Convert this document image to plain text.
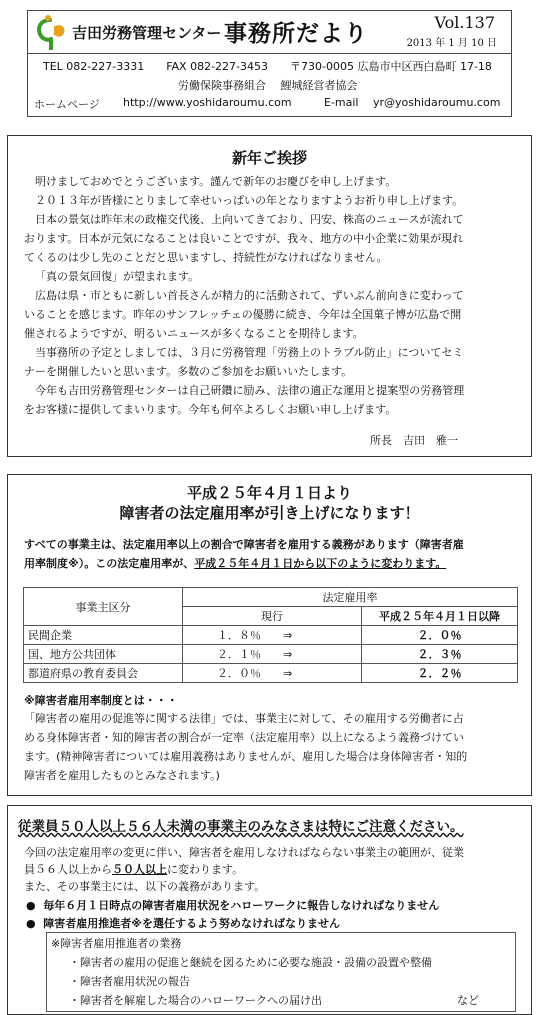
吉田労務管理センター 事務所だより	Vol.137
2013 年 1 月 10 日
TEL 082-227-3331　　FAX 082-227-3453　　〒730-0005 広島市中区西白島町 17-18
労働保険事務組合　 鯉城経営者協会
ホームページ http://www.yoshidaroumu.com	E-mail yr@yoshidaroumu.com
新年ご挨拶
明けましておめでとうございます。謹んで新年のお慶びを申し上げます。
２０１３年が皆様にとりまして幸せいっぱいの年となりますようお祈り申し上げます。
日本の景気は昨年末の政権交代後、上向いてきており、円安、株高のニュースが流れて
おります。日本が元気になることは良いことですが、我々、地方の中小企業に効果が現れ
てくるのは少し先のことだと思いますし、持続性がなければなりません。
「真の景気回復」が望まれます。
広島は県・市ともに新しい首長さんが精力的に活動されて、ずいぶん前向きに変わって
いることを感じます。昨年のサンフレッチェの優勝に続き、今年は全国菓子博が広島で開
催されるようですが、明るいニュースが多くなることを期待します。
当事務所の予定としましては、３月に労務管理「労務上のトラブル防止」についてセミ
ナーを開催したいと思います。多数のご参加をお願いいたします。
今年も吉田労務管理センターは自己研鑽に励み、法律の適正な運用と提案型の労務管理
をお客様に提供してまいります。今年も何卒よろしくお願い申し上げます。
所長　吉田　雅一
平成２５年４月１日より
障害者の法定雇用率が引き上げになります！
すべての事業主は、法定雇用率以上の割合で障害者を雇用する義務があります（障害者雇
用率制度※）。この法定雇用率が、平成２５年４月１日から以下のように変わります。
事業主区分	法定雇用率	
	現行	平成２５年４月１日以降
民間企業	１．８％ ⇒	２．０％
国、地方公共団体	２．１％ ⇒	２．３％
都道府県の教育委員会	２．０％ ⇒	２．２％
※障害者雇用率制度とは・・・
「障害者の雇用の促進等に関する法律」では、事業主に対して、その雇用する労働者に占
める身体障害者・知的障害者の割合が一定率（法定雇用率）以上になるよう義務づけてい
ます。(精神障害者については雇用義務はありませんが、雇用した場合は身体障害者・知的
障害者を雇用したものとみなされます。)
従業員５０人以上５６人未満の事業主のみなさまは特にご注意ください。
今回の法定雇用率の変更に伴い、障害者を雇用しなければならない事業主の範囲が、従業
員５６人以上から５０人以上に変わります。
また、その事業主には、以下の義務があります。
● 毎年６月１日時点の障害者雇用状況をハローワークに報告しなければなりません
● 障害者雇用推進者※を選任するよう努めなければなりません
※障害者雇用推進者の業務
・障害者の雇用の促進と継続を図るために必要な施設・設備の設置や整備
・障害者雇用状況の報告
・障害者を解雇した場合のハローワークへの届け出	など
